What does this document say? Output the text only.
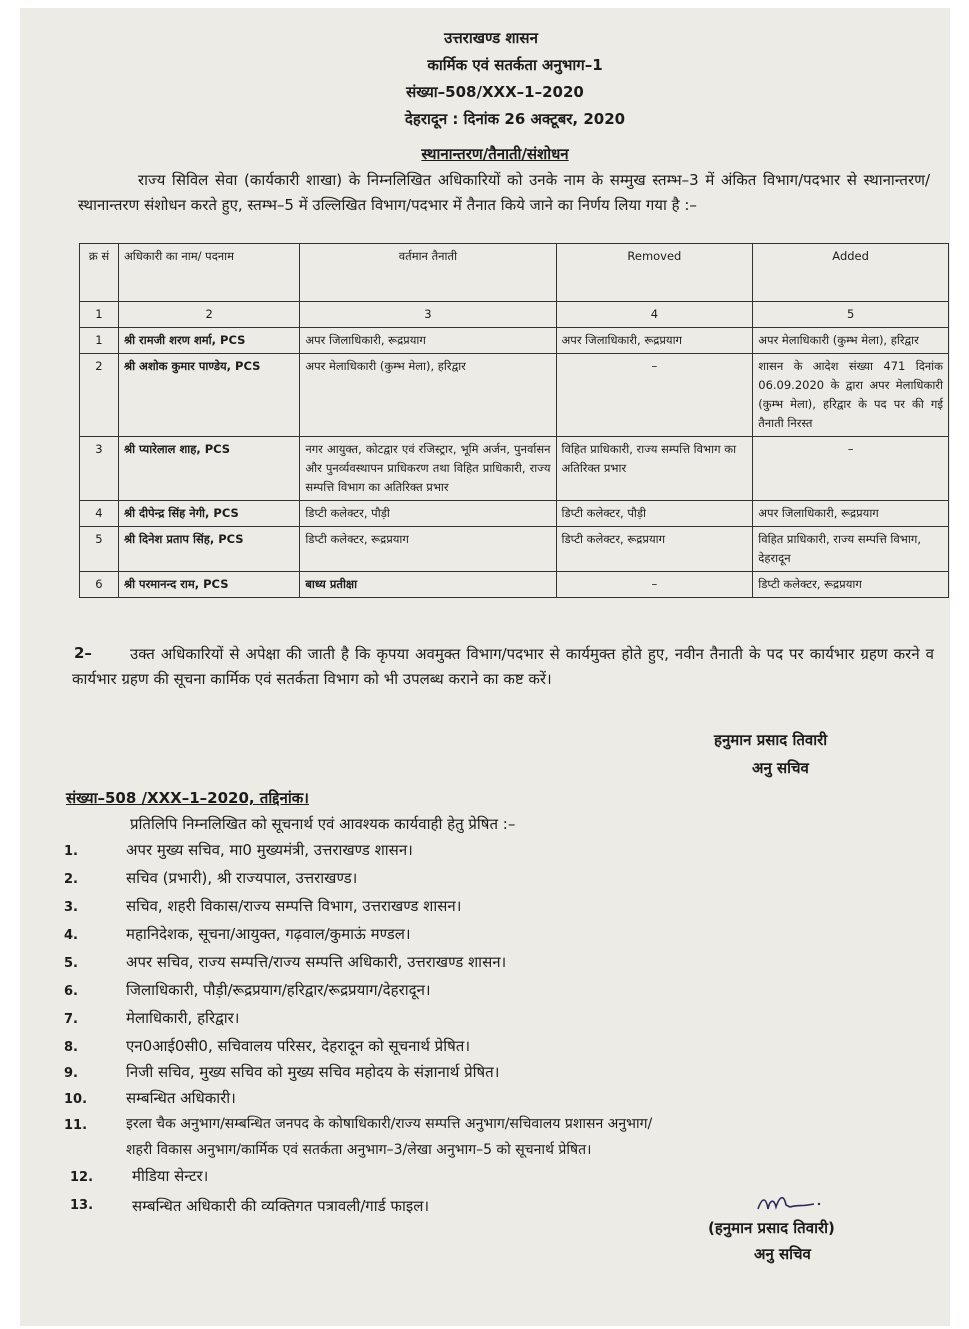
उत्तराखण्ड शासन
कार्मिक एवं सतर्कता अनुभाग–1
संख्या–508/XXX–1–2020
देहरादून : दिनांक 26 अक्टूबर, 2020
स्थानान्तरण/तैनाती/संशोधन
राज्य सिविल सेवा (कार्यकारी शाखा) के निम्नलिखित अधिकारियों को उनके नाम के सम्मुख स्तम्भ–3 में अंकित विभाग/पदभार से स्थानान्तरण/स्थानान्तरण संशोधन करते हुए, स्तम्भ–5 में उल्लिखित विभाग/पदभार में तैनात किये जाने का निर्णय लिया गया है :–
क्र सं	अधिकारी का नाम/ पदनाम	वर्तमान तैनाती	Removed	Added
1	2	3	4	5
1	श्री रामजी शरण शर्मा, PCS	अपर जिलाधिकारी, रूद्रप्रयाग	अपर जिलाधिकारी, रूद्रप्रयाग	अपर मेलाधिकारी (कुम्भ मेला), हरिद्वार
2	श्री अशोक कुमार पाण्डेय, PCS	अपर मेलाधिकारी (कुम्भ मेला), हरिद्वार	–	शासन के आदेश संख्या 471 दिनांक 06.09.2020 के द्वारा अपर मेलाधिकारी (कुम्भ मेला), हरिद्वार के पद पर की गई तैनाती निरस्त
3	श्री प्यारेलाल शाह, PCS	नगर आयुक्त, कोटद्वार एवं रजिस्ट्रार, भूमि अर्जन, पुनर्वासन और पुनर्व्यवस्थापन प्राधिकरण तथा विहित प्राधिकारी, राज्य सम्पत्ति विभाग का अतिरिक्त प्रभार	विहित प्राधिकारी, राज्य सम्पत्ति विभाग का अतिरिक्त प्रभार	–
4	श्री दीपेन्द्र सिंह नेगी, PCS	डिप्टी कलेक्टर, पौड़ी	डिप्टी कलेक्टर, पौड़ी	अपर जिलाधिकारी, रूद्रप्रयाग
5	श्री दिनेश प्रताप सिंह, PCS	डिप्टी कलेक्टर, रूद्रप्रयाग	डिप्टी कलेक्टर, रूद्रप्रयाग	विहित प्राधिकारी, राज्य सम्पत्ति विभाग, देहरादून
6	श्री परमानन्द राम, PCS	बाध्य प्रतीक्षा	–	डिप्टी कलेक्टर, रूद्रप्रयाग
2–	उक्त अधिकारियों से अपेक्षा की जाती है कि कृपया अवमुक्त विभाग/पदभार से कार्यमुक्त होते हुए, नवीन तैनाती के पद पर कार्यभार ग्रहण करने व कार्यभार ग्रहण की सूचना कार्मिक एवं सतर्कता विभाग को भी उपलब्ध कराने का कष्ट करें।
हनुमान प्रसाद तिवारी
अनु सचिव
संख्या–508 /XXX–1–2020, तद्दिनांक।
प्रतिलिपि निम्नलिखित को सूचनार्थ एवं आवश्यक कार्यवाही हेतु प्रेषित :–
1.	अपर मुख्य सचिव, मा0 मुख्यमंत्री, उत्तराखण्ड शासन।
2.	सचिव (प्रभारी), श्री राज्यपाल, उत्तराखण्ड।
3.	सचिव, शहरी विकास/राज्य सम्पत्ति विभाग, उत्तराखण्ड शासन।
4.	महानिदेशक, सूचना/आयुक्त, गढ़वाल/कुमाऊं मण्डल।
5.	अपर सचिव, राज्य सम्पत्ति/राज्य सम्पत्ति अधिकारी, उत्तराखण्ड शासन।
6.	जिलाधिकारी, पौड़ी/रूद्रप्रयाग/हरिद्वार/रूद्रप्रयाग/देहरादून।
7.	मेलाधिकारी, हरिद्वार।
8.	एन0आई0सी0, सचिवालय परिसर, देहरादून को सूचनार्थ प्रेषित।
9.	निजी सचिव, मुख्य सचिव को मुख्य सचिव महोदय के संज्ञानार्थ प्रेषित।
10.	सम्बन्धित अधिकारी।
11.	इरला चैक अनुभाग/सम्बन्धित जनपद के कोषाधिकारी/राज्य सम्पत्ति अनुभाग/सचिवालय प्रशासन अनुभाग/
शहरी विकास अनुभाग/कार्मिक एवं सतर्कता अनुभाग–3/लेखा अनुभाग–5 को सूचनार्थ प्रेषित।
12.	मीडिया सेन्टर।
13.	सम्बन्धित अधिकारी की व्यक्तिगत पत्रावली/गार्ड फाइल।
(हनुमान प्रसाद तिवारी)
अनु सचिव
